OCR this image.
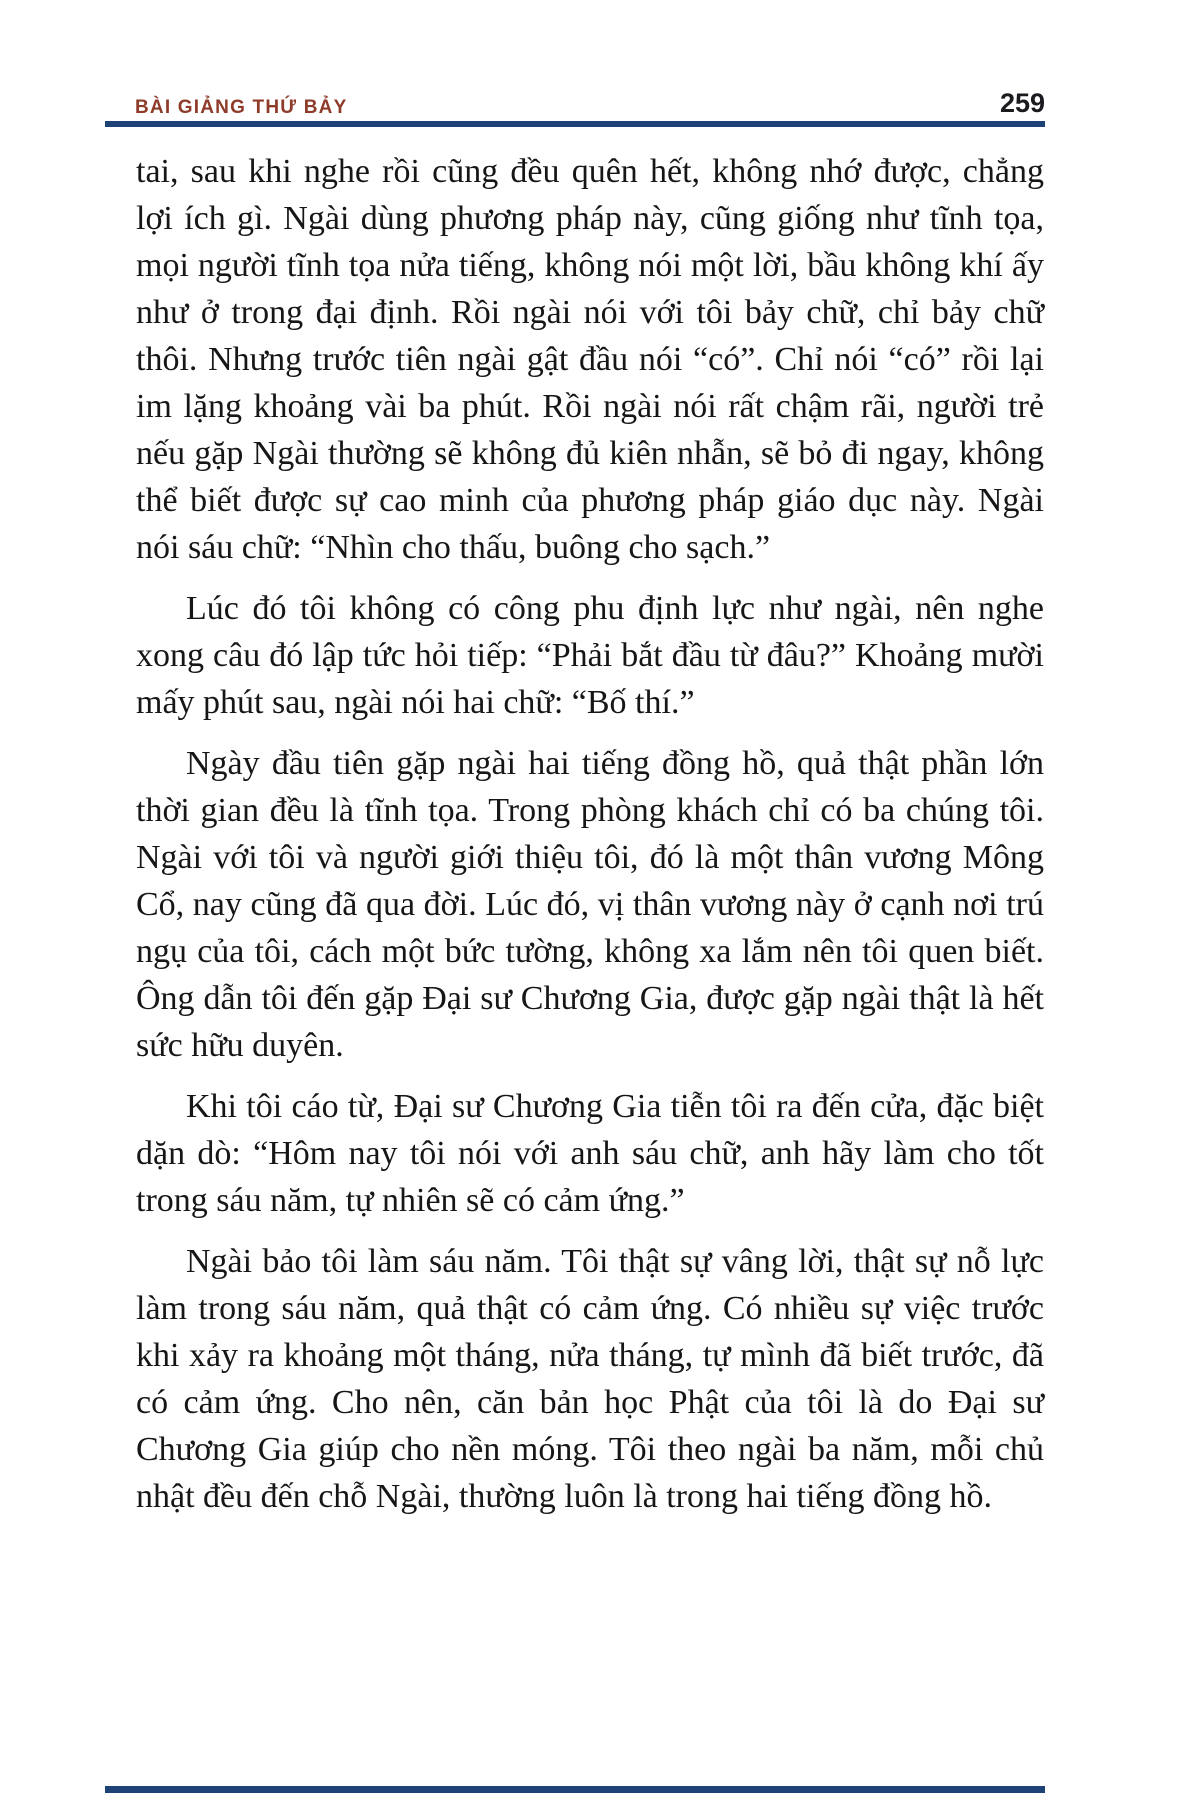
BÀI GIẢNG THỨ BẢY	259

tai, sau khi nghe rồi cũng đều quên hết, không nhớ được, chẳng lợi ích gì. Ngài dùng phương pháp này, cũng giống như tĩnh tọa, mọi người tĩnh tọa nửa tiếng, không nói một lời, bầu không khí ấy như ở trong đại định. Rồi ngài nói với tôi bảy chữ, chỉ bảy chữ thôi. Nhưng trước tiên ngài gật đầu nói “có”. Chỉ nói “có” rồi lại im lặng khoảng vài ba phút. Rồi ngài nói rất chậm rãi, người trẻ nếu gặp Ngài thường sẽ không đủ kiên nhẫn, sẽ bỏ đi ngay, không thể biết được sự cao minh của phương pháp giáo dục này. Ngài nói sáu chữ: “Nhìn cho thấu, buông cho sạch.”

Lúc đó tôi không có công phu định lực như ngài, nên nghe xong câu đó lập tức hỏi tiếp: “Phải bắt đầu từ đâu?” Khoảng mười mấy phút sau, ngài nói hai chữ: “Bố thí.”

Ngày đầu tiên gặp ngài hai tiếng đồng hồ, quả thật phần lớn thời gian đều là tĩnh tọa. Trong phòng khách chỉ có ba chúng tôi. Ngài với tôi và người giới thiệu tôi, đó là một thân vương Mông Cổ, nay cũng đã qua đời. Lúc đó, vị thân vương này ở cạnh nơi trú ngụ của tôi, cách một bức tường, không xa lắm nên tôi quen biết. Ông dẫn tôi đến gặp Đại sư Chương Gia, được gặp ngài thật là hết sức hữu duyên.

Khi tôi cáo từ, Đại sư Chương Gia tiễn tôi ra đến cửa, đặc biệt dặn dò: “Hôm nay tôi nói với anh sáu chữ, anh hãy làm cho tốt trong sáu năm, tự nhiên sẽ có cảm ứng.”

Ngài bảo tôi làm sáu năm. Tôi thật sự vâng lời, thật sự nỗ lực làm trong sáu năm, quả thật có cảm ứng. Có nhiều sự việc trước khi xảy ra khoảng một tháng, nửa tháng, tự mình đã biết trước, đã có cảm ứng. Cho nên, căn bản học Phật của tôi là do Đại sư Chương Gia giúp cho nền móng. Tôi theo ngài ba năm, mỗi chủ nhật đều đến chỗ Ngài, thường luôn là trong hai tiếng đồng hồ.
